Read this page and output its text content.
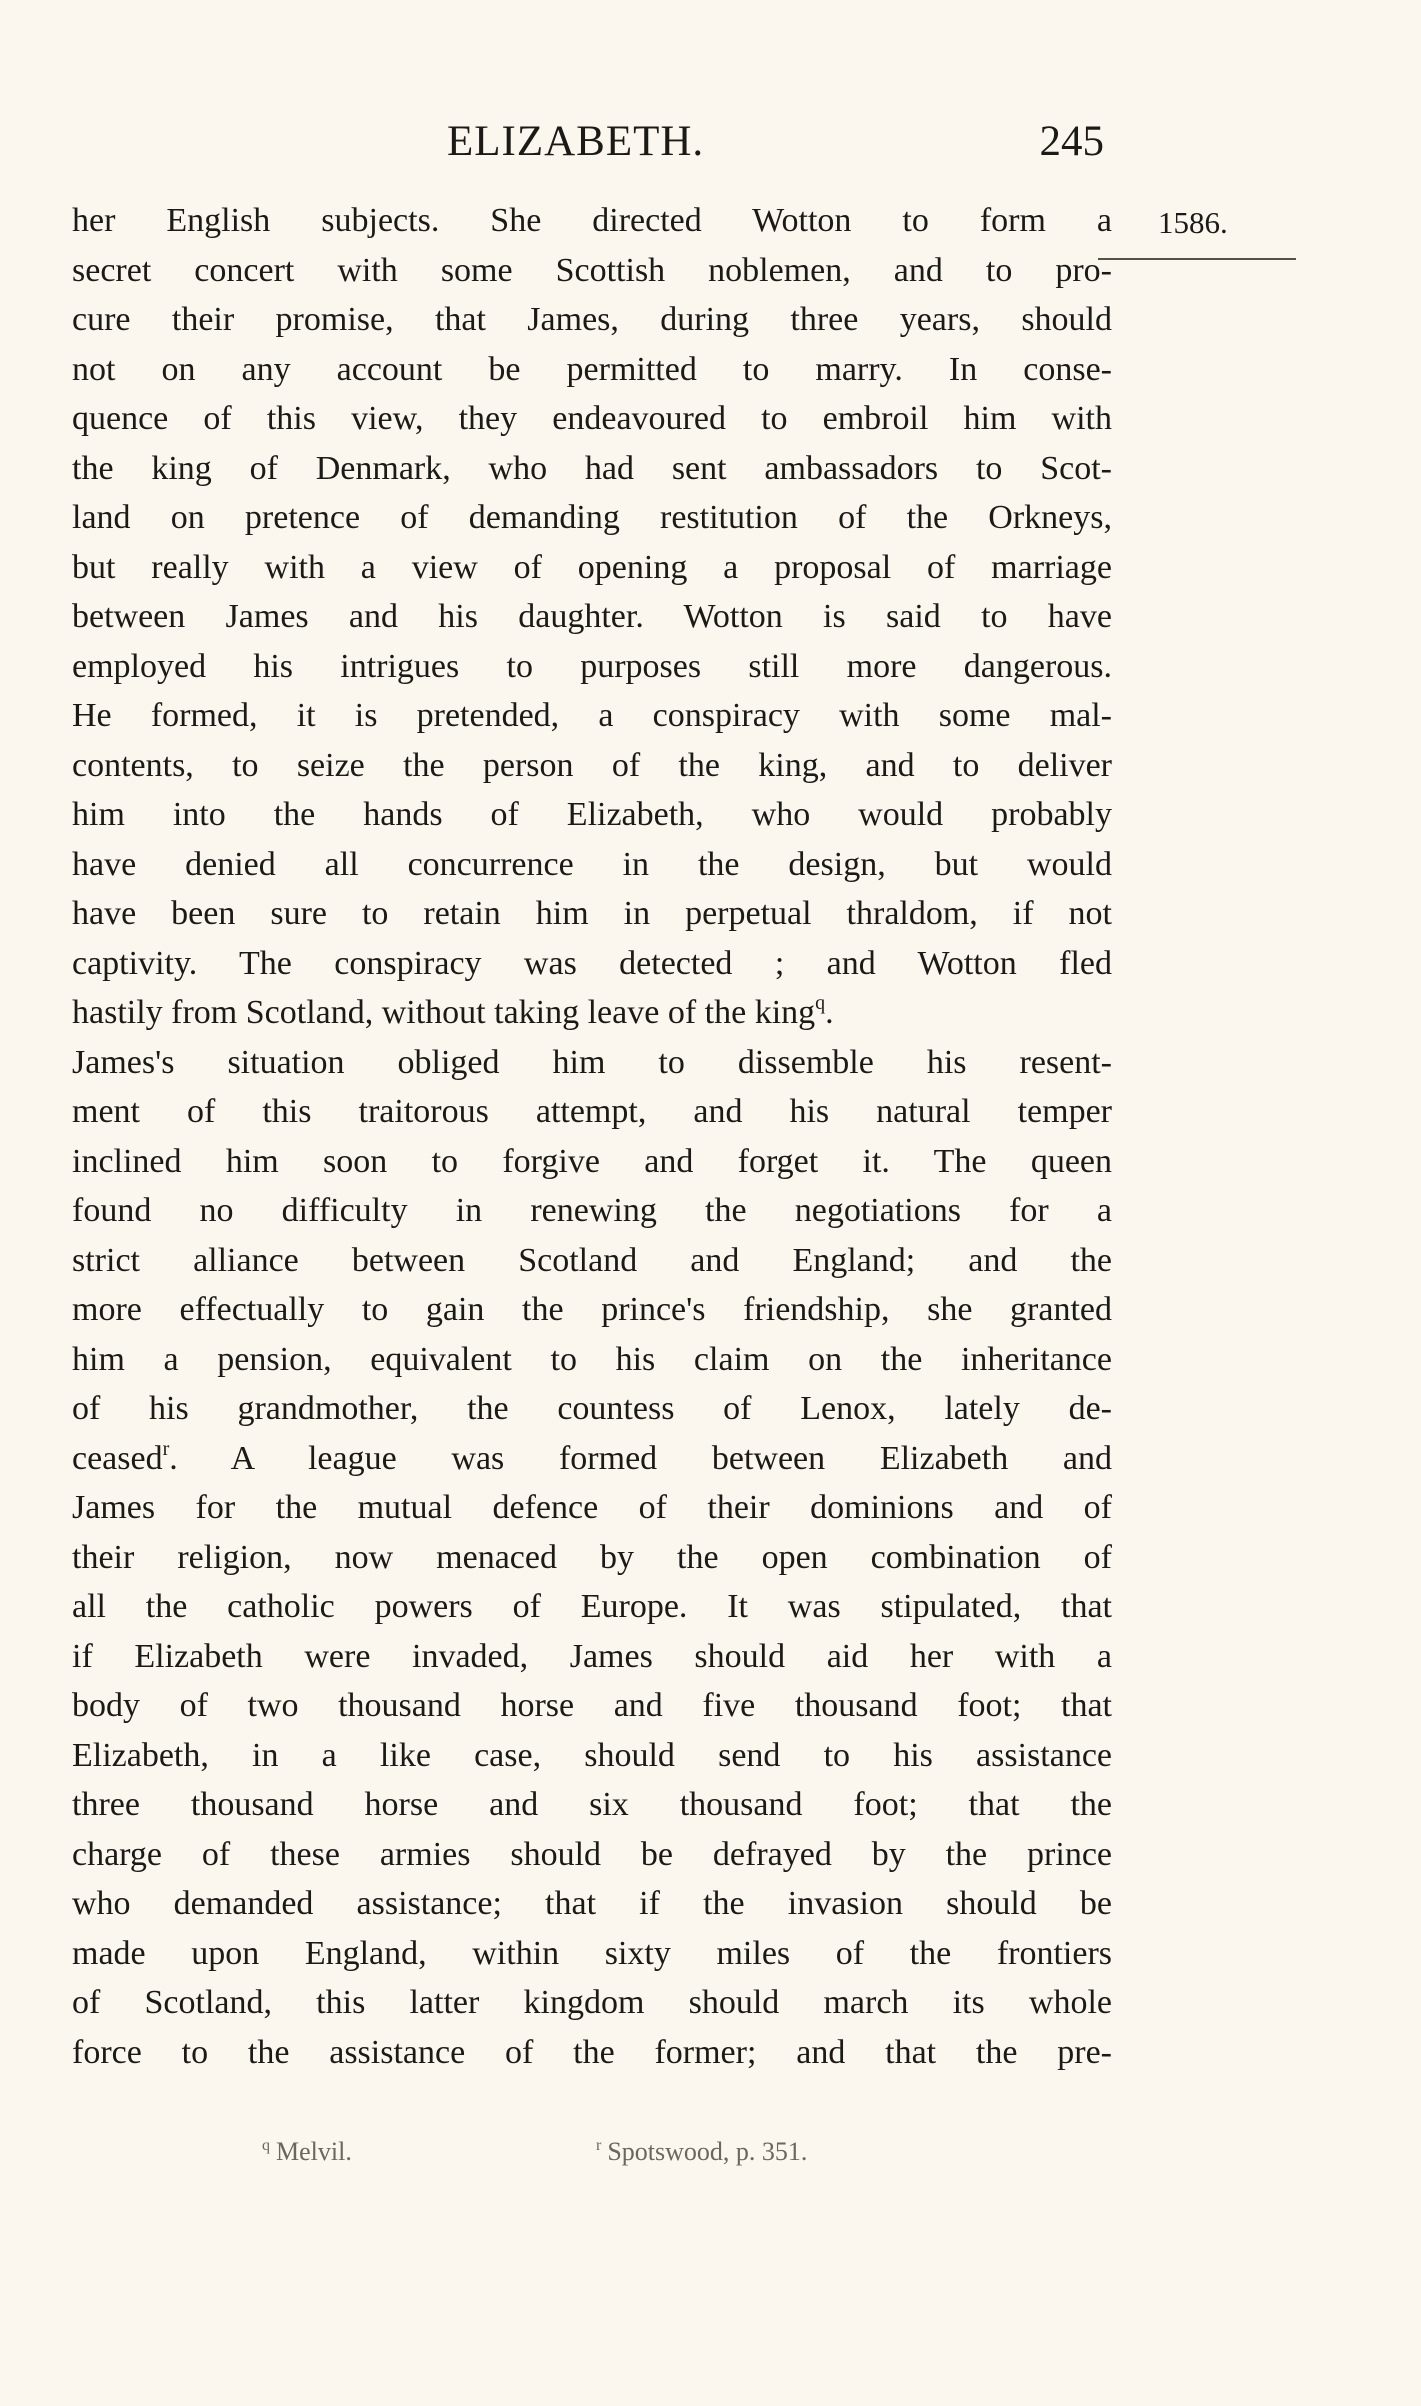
ELIZABETH.	245
1586.
her English subjects. She directed Wotton to form a
secret concert with some Scottish noblemen, and to pro-
cure their promise, that James, during three years, should
not on any account be permitted to marry. In conse-
quence of this view, they endeavoured to embroil him with
the king of Denmark, who had sent ambassadors to Scot-
land on pretence of demanding restitution of the Orkneys,
but really with a view of opening a proposal of marriage
between James and his daughter. Wotton is said to have
employed his intrigues to purposes still more dangerous.
He formed, it is pretended, a conspiracy with some mal-
contents, to seize the person of the king, and to deliver
him into the hands of Elizabeth, who would probably
have denied all concurrence in the design, but would
have been sure to retain him in perpetual thraldom, if not
captivity. The conspiracy was detected ; and Wotton fled
hastily from Scotland, without taking leave of the king$^q$.
James's situation obliged him to dissemble his resent-
ment of this traitorous attempt, and his natural temper
inclined him soon to forgive and forget it. The queen
found no difficulty in renewing the negotiations for a
strict alliance between Scotland and England; and the
more effectually to gain the prince's friendship, she granted
him a pension, equivalent to his claim on the inheritance
of his grandmother, the countess of Lenox, lately de-
ceased$^r$. A league was formed between Elizabeth and
James for the mutual defence of their dominions and of
their religion, now menaced by the open combination of
all the catholic powers of Europe. It was stipulated, that
if Elizabeth were invaded, James should aid her with a
body of two thousand horse and five thousand foot; that
Elizabeth, in a like case, should send to his assistance
three thousand horse and six thousand foot; that the
charge of these armies should be defrayed by the prince
who demanded assistance; that if the invasion should be
made upon England, within sixty miles of the frontiers
of Scotland, this latter kingdom should march its whole
force to the assistance of the former; and that the pre-
$^q$ Melvil.	$^r$ Spotswood, p. 351.
